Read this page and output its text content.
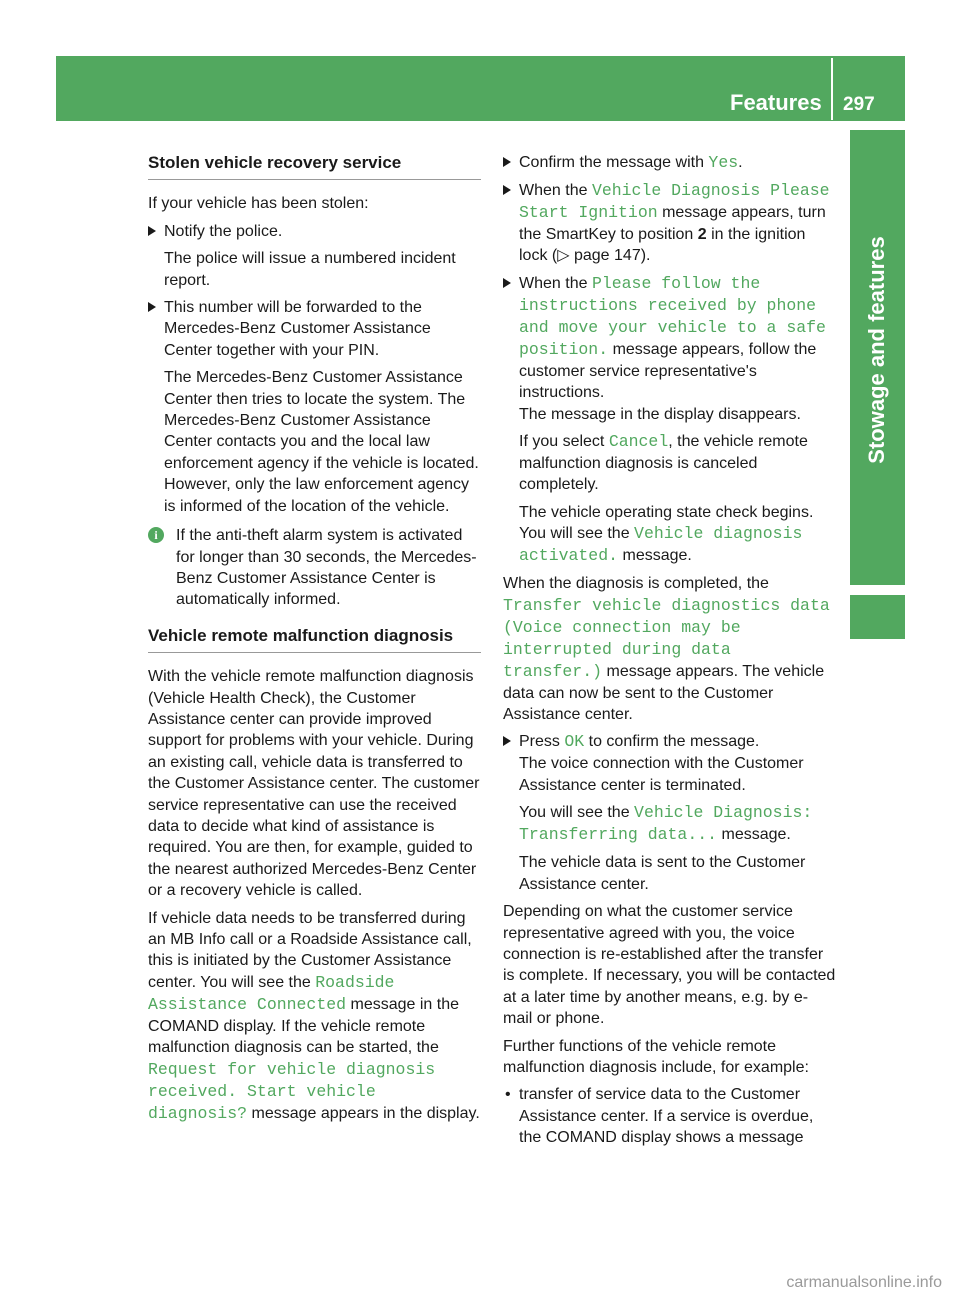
Features 297
Stowage and features
Stolen vehicle recovery service

If your vehicle has been stolen:

Notify the police.

The police will issue a numbered incident report.

This number will be forwarded to the Mercedes-Benz Customer Assistance Center together with your PIN.

The Mercedes-Benz Customer Assistance Center then tries to locate the system. The Mercedes-Benz Customer Assistance Center contacts you and the local law enforcement agency if the vehicle is located. However, only the law enforcement agency is informed of the location of the vehicle.

i	If the anti-theft alarm system is activated for longer than 30 seconds, the Mercedes-Benz Customer Assistance Center is automatically informed.
Vehicle remote malfunction diagnosis

With the vehicle remote malfunction diagnosis (Vehicle Health Check), the Customer Assistance center can provide improved support for problems with your vehicle. During an existing call, vehicle data is transferred to the Customer Assistance center. The customer service representative can use the received data to decide what kind of assistance is required. You are then, for example, guided to the nearest authorized Mercedes-Benz Center or a recovery vehicle is called.

If vehicle data needs to be transferred during an MB Info call or a Roadside Assistance call, this is initiated by the Customer Assistance center. You will see the Roadside Assistance Connected message in the COMAND display. If the vehicle remote malfunction diagnosis can be started, the Request for vehicle diagnosis received. Start vehicle diagnosis? message appears in the display.

Confirm the message with Yes.
When the Vehicle Diagnosis Please Start Ignition message appears, turn the SmartKey to position 2 in the ignition lock (▷ page 147).
When the Please follow the instructions received by phone and move your vehicle to a safe position. message appears, follow the customer service representative's instructions.
The message in the display disappears.

If you select Cancel, the vehicle remote malfunction diagnosis is canceled completely.

The vehicle operating state check begins. You will see the Vehicle diagnosis activated. message.

When the diagnosis is completed, the Transfer vehicle diagnostics data (Voice connection may be interrupted during data transfer.) message appears. The vehicle data can now be sent to the Customer Assistance center.

Press OK to confirm the message.
The voice connection with the Customer Assistance center is terminated.

You will see the Vehicle Diagnosis: Transferring data... message.

The vehicle data is sent to the Customer Assistance center.

Depending on what the customer service representative agreed with you, the voice connection is re-established after the transfer is complete. If necessary, you will be contacted at a later time by another means, e.g. by e-mail or phone.

Further functions of the vehicle remote malfunction diagnosis include, for example:

• transfer of service data to the Customer Assistance center. If a service is overdue, the COMAND display shows a message
carmanualsonline.info
